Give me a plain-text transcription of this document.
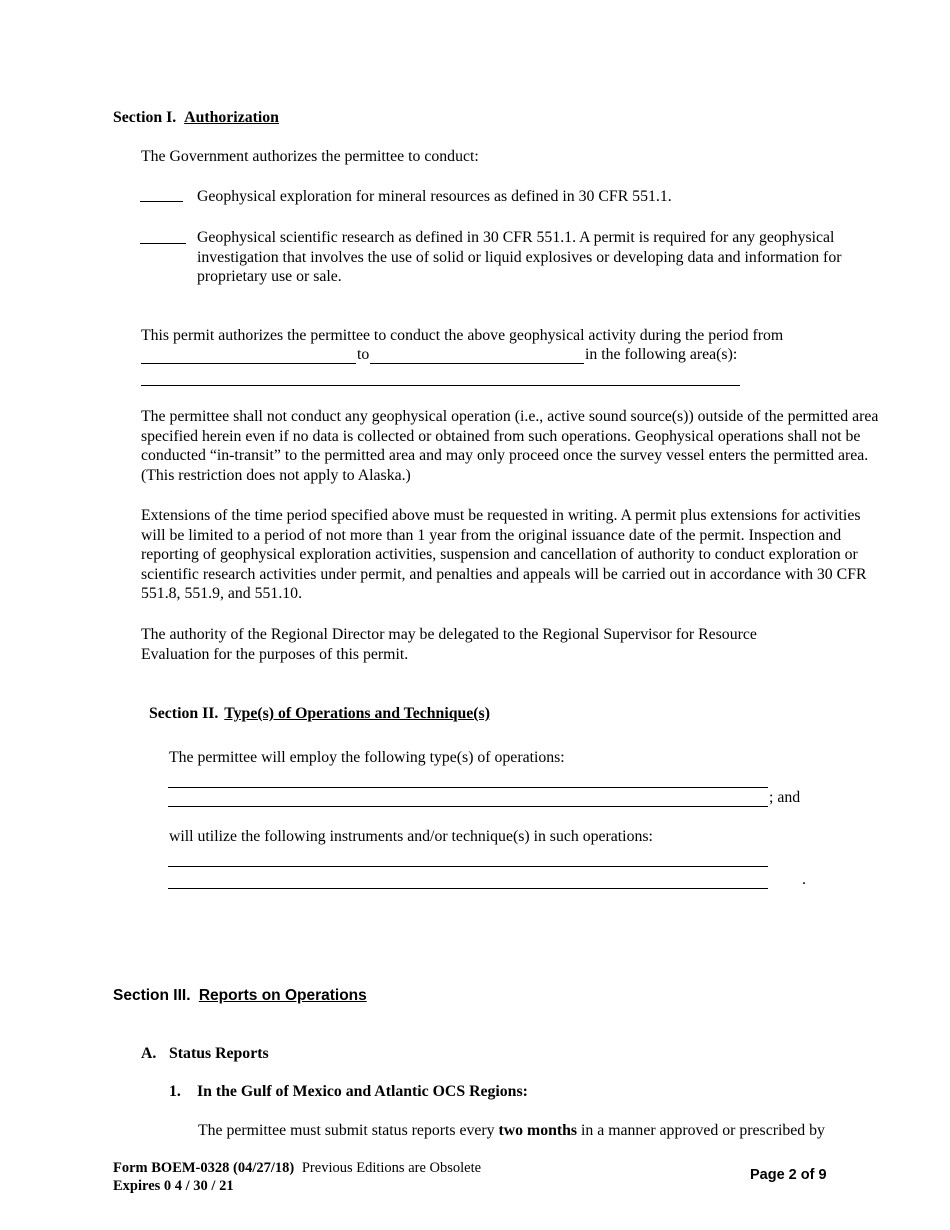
Section I. Authorization
The Government authorizes the permittee to conduct:
Geophysical exploration for mineral resources as defined in 30 CFR 551.1.
Geophysical scientific research as defined in 30 CFR 551.1. A permit is required for any geophysical investigation that involves the use of solid or liquid explosives or developing data and information for proprietary use or sale.
This permit authorizes the permittee to conduct the above geophysical activity during the period from
to	in the following area(s):
The permittee shall not conduct any geophysical operation (i.e., active sound source(s)) outside of the permitted area specified herein even if no data is collected or obtained from such operations. Geophysical operations shall not be conducted “in-transit” to the permitted area and may only proceed once the survey vessel enters the permitted area. (This restriction does not apply to Alaska.)
Extensions of the time period specified above must be requested in writing. A permit plus extensions for activities will be limited to a period of not more than 1 year from the original issuance date of the permit. Inspection and reporting of geophysical exploration activities, suspension and cancellation of authority to conduct exploration or scientific research activities under permit, and penalties and appeals will be carried out in accordance with 30 CFR 551.8, 551.9, and 551.10.
The authority of the Regional Director may be delegated to the Regional Supervisor for Resource Evaluation for the purposes of this permit.
Section II. Type(s) of Operations and Technique(s)
The permittee will employ the following type(s) of operations:
; and
will utilize the following instruments and/or technique(s) in such operations:
.
Section III. Reports on Operations
A. Status Reports
1. In the Gulf of Mexico and Atlantic OCS Regions:
The permittee must submit status reports every two months in a manner approved or prescribed by
Form BOEM-0328 (04/27/18) Previous Editions are Obsolete
Expires 0 4 / 30 / 21
Page 2 of 9
